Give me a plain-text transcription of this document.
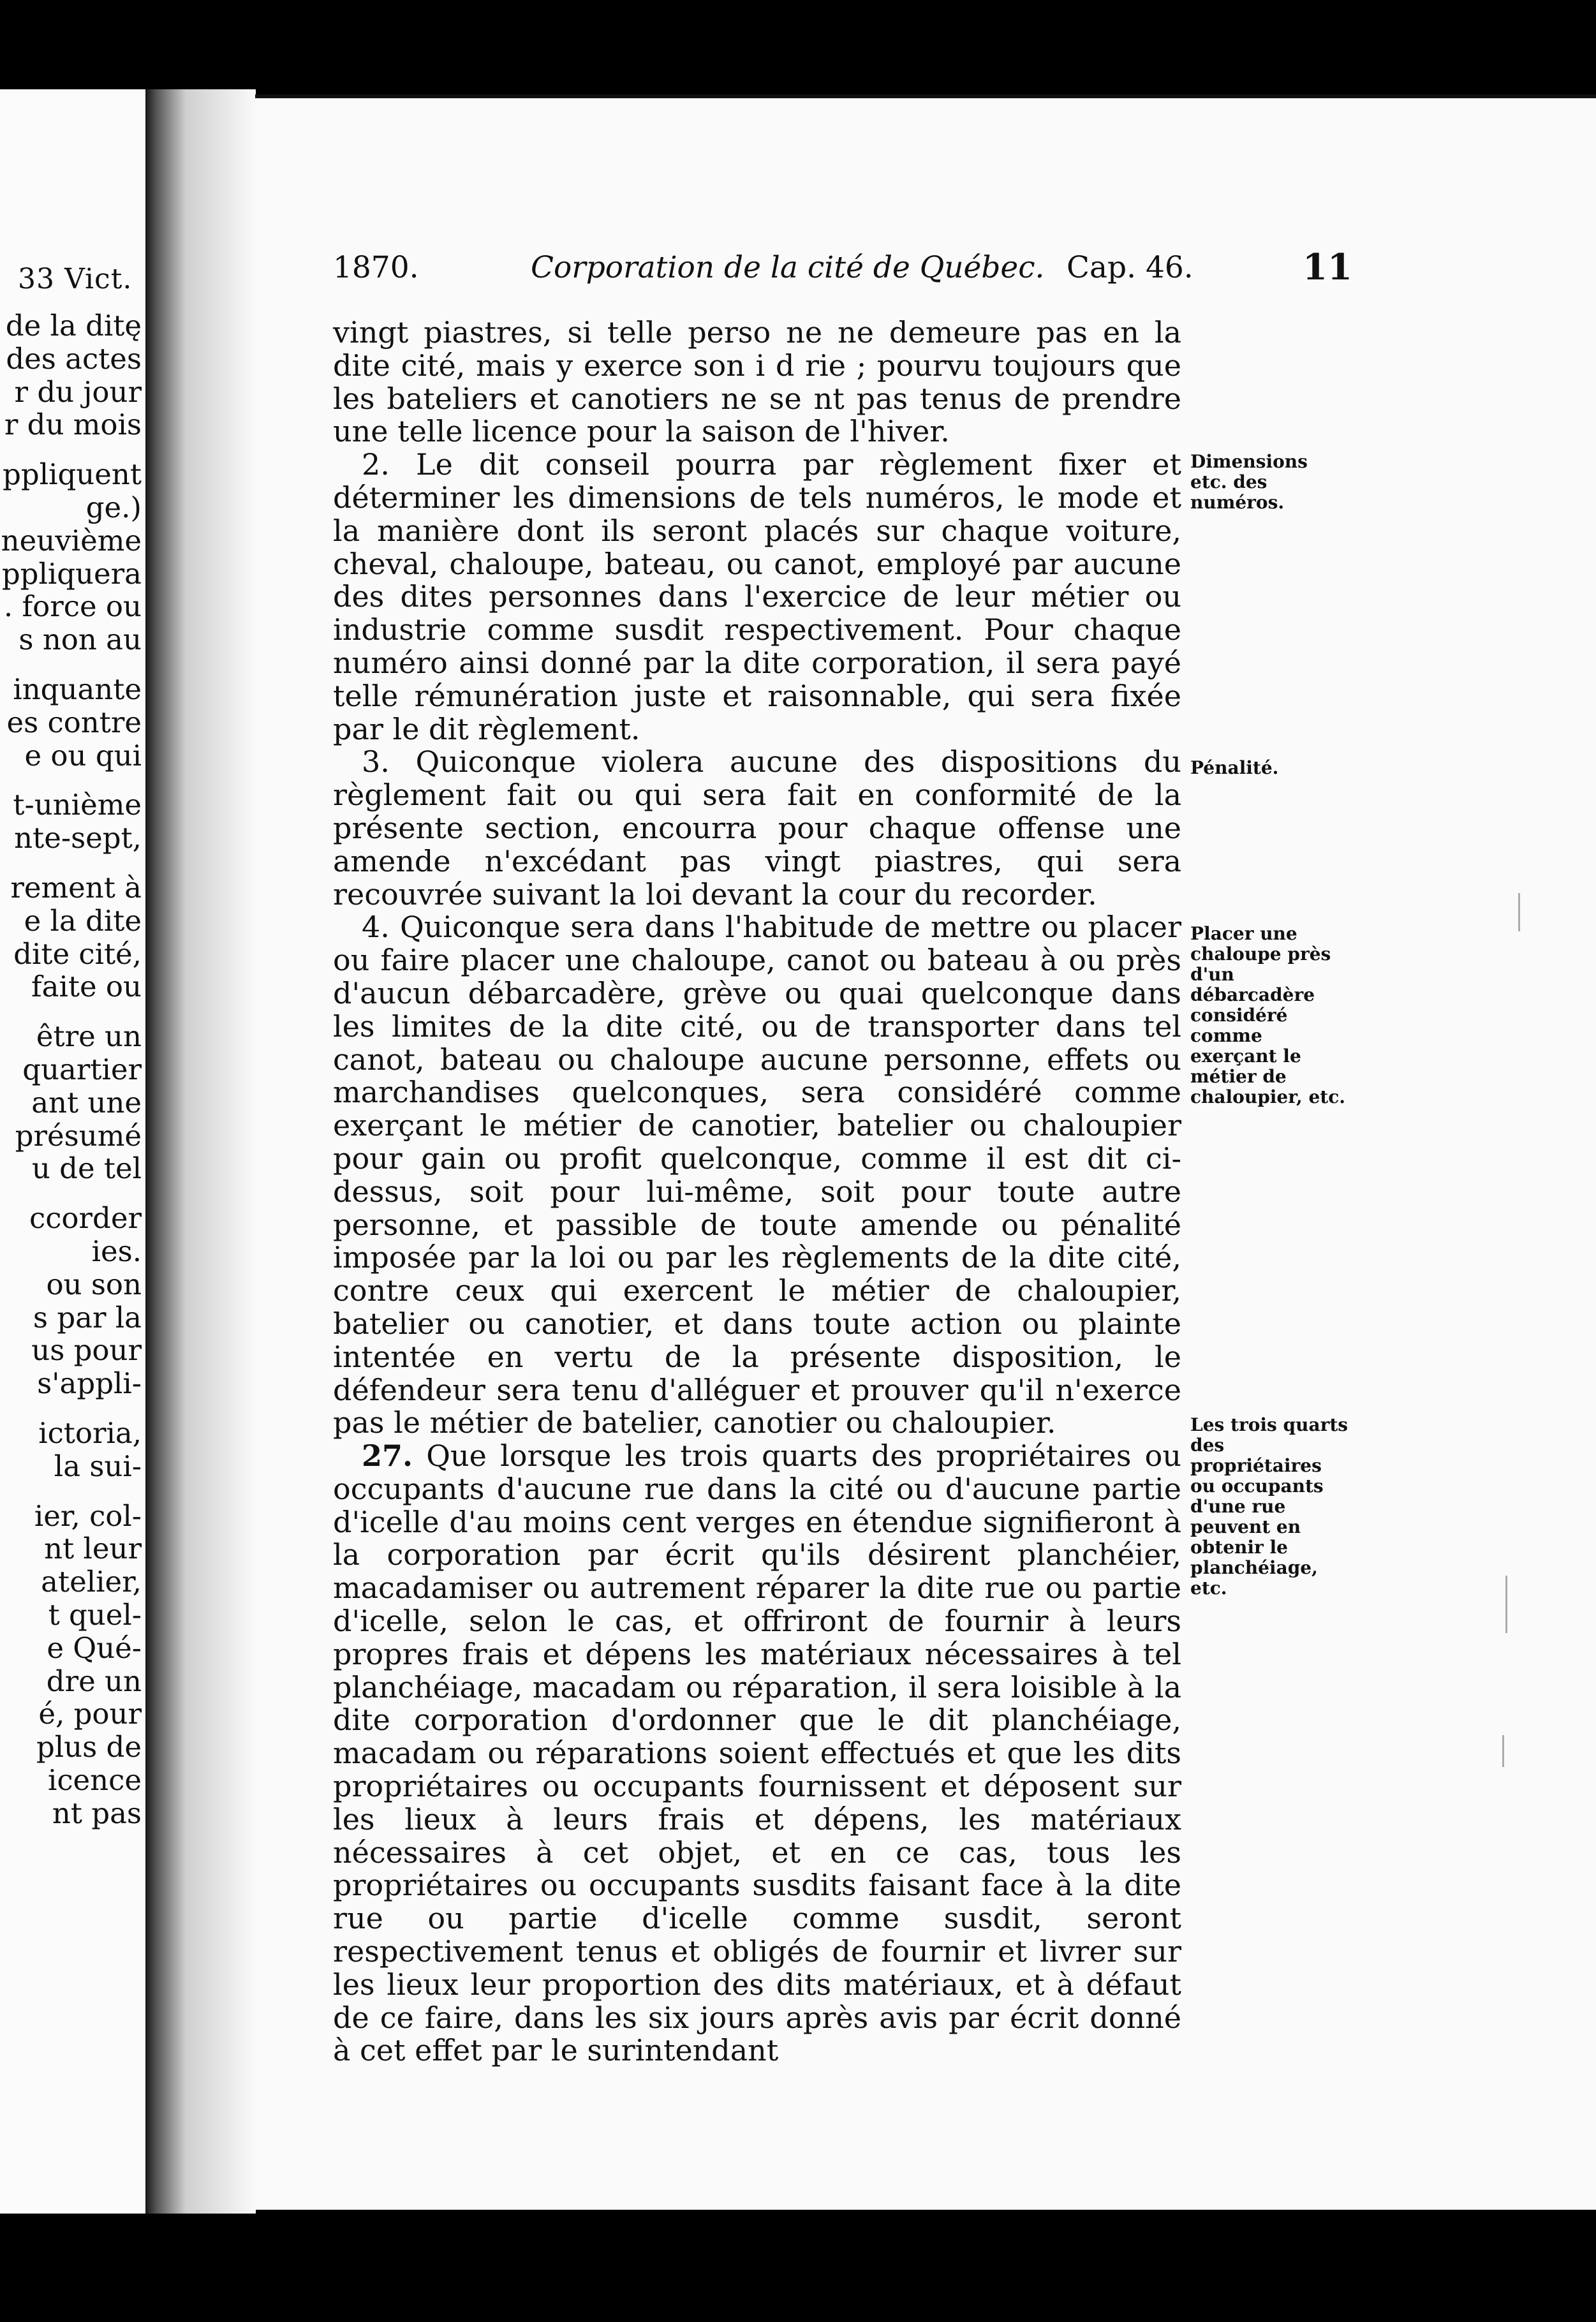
33 Vict.
de la ditę
des actes
r du jour
r du mois
ppliquent
ge.)
neuvième
ppliquera
. force ou
s non au
inquante
es contre
e ou qui
t-unième
nte-sept,
rement à
e la dite
dite cité,
faite ou
être un
quartier
ant une
présumé
u de tel
ccorder
ies.
ou son
s par la
us pour
s'appli-
ictoria,
la sui-
ier, col-
nt leur
atelier,
t quel-
e Qué-
dre un
é, pour
plus de
icence
nt pas
1870.	Corporation de la cité de Québec. Cap. 46.	11

vingt piastres, si telle perso ne ne demeure pas en la dite cité, mais y exerce son i d rie ; pourvu toujours que les bateliers et canotiers ne se nt pas tenus de prendre une telle licence pour la saison de l'hiver.

2. Le dit conseil pourra par règlement fixer et déterminer les dimensions de tels numéros, le mode et la manière dont ils seront placés sur chaque voiture, cheval, chaloupe, bateau, ou canot, employé par aucune des dites personnes dans l'exercice de leur métier ou industrie comme susdit respectivement. Pour chaque numéro ainsi donné par la dite corporation, il sera payé telle rémunération juste et raisonnable, qui sera fixée par le dit règlement.

3. Quiconque violera aucune des dispositions du règlement fait ou qui sera fait en conformité de la présente section, encourra pour chaque offense une amende n'excédant pas vingt piastres, qui sera recouvrée suivant la loi devant la cour du recorder.

4. Quiconque sera dans l'habitude de mettre ou placer ou faire placer une chaloupe, canot ou bateau à ou près d'aucun débarcadère, grève ou quai quelconque dans les limites de la dite cité, ou de transporter dans tel canot, bateau ou chaloupe aucune personne, effets ou marchandises quelconques, sera considéré comme exerçant le métier de canotier, batelier ou chaloupier pour gain ou profit quelconque, comme il est dit ci-dessus, soit pour lui-même, soit pour toute autre personne, et passible de toute amende ou pénalité imposée par la loi ou par les règlements de la dite cité, contre ceux qui exercent le métier de chaloupier, batelier ou canotier, et dans toute action ou plainte intentée en vertu de la présente disposition, le défendeur sera tenu d'alléguer et prouver qu'il n'exerce pas le métier de batelier, canotier ou chaloupier.

27. Que lorsque les trois quarts des propriétaires ou occupants d'aucune rue dans la cité ou d'aucune partie d'icelle d'au moins cent verges en étendue signifieront à la corporation par écrit qu'ils désirent planchéier, macadamiser ou autrement réparer la dite rue ou partie d'icelle, selon le cas, et offriront de fournir à leurs propres frais et dépens les matériaux nécessaires à tel planchéiage, macadam ou réparation, il sera loisible à la dite corporation d'ordonner que le dit planchéiage, macadam ou réparations soient effectués et que les dits propriétaires ou occupants fournissent et déposent sur les lieux à leurs frais et dépens, les matériaux nécessaires à cet objet, et en ce cas, tous les propriétaires ou occupants susdits faisant face à la dite rue ou partie d'icelle comme susdit, seront respectivement tenus et obligés de fournir et livrer sur les lieux leur proportion des dits matériaux, et à défaut de ce faire, dans les six jours après avis par écrit donné à cet effet par le surintendant

Dimensions etc. des numéros.
Pénalité.
Placer une chaloupe près d'un débarcadère considéré comme exerçant le métier de chaloupier, etc.
Les trois quarts des propriétaires ou occupants d'une rue peuvent en obtenir le planchéiage, etc.
